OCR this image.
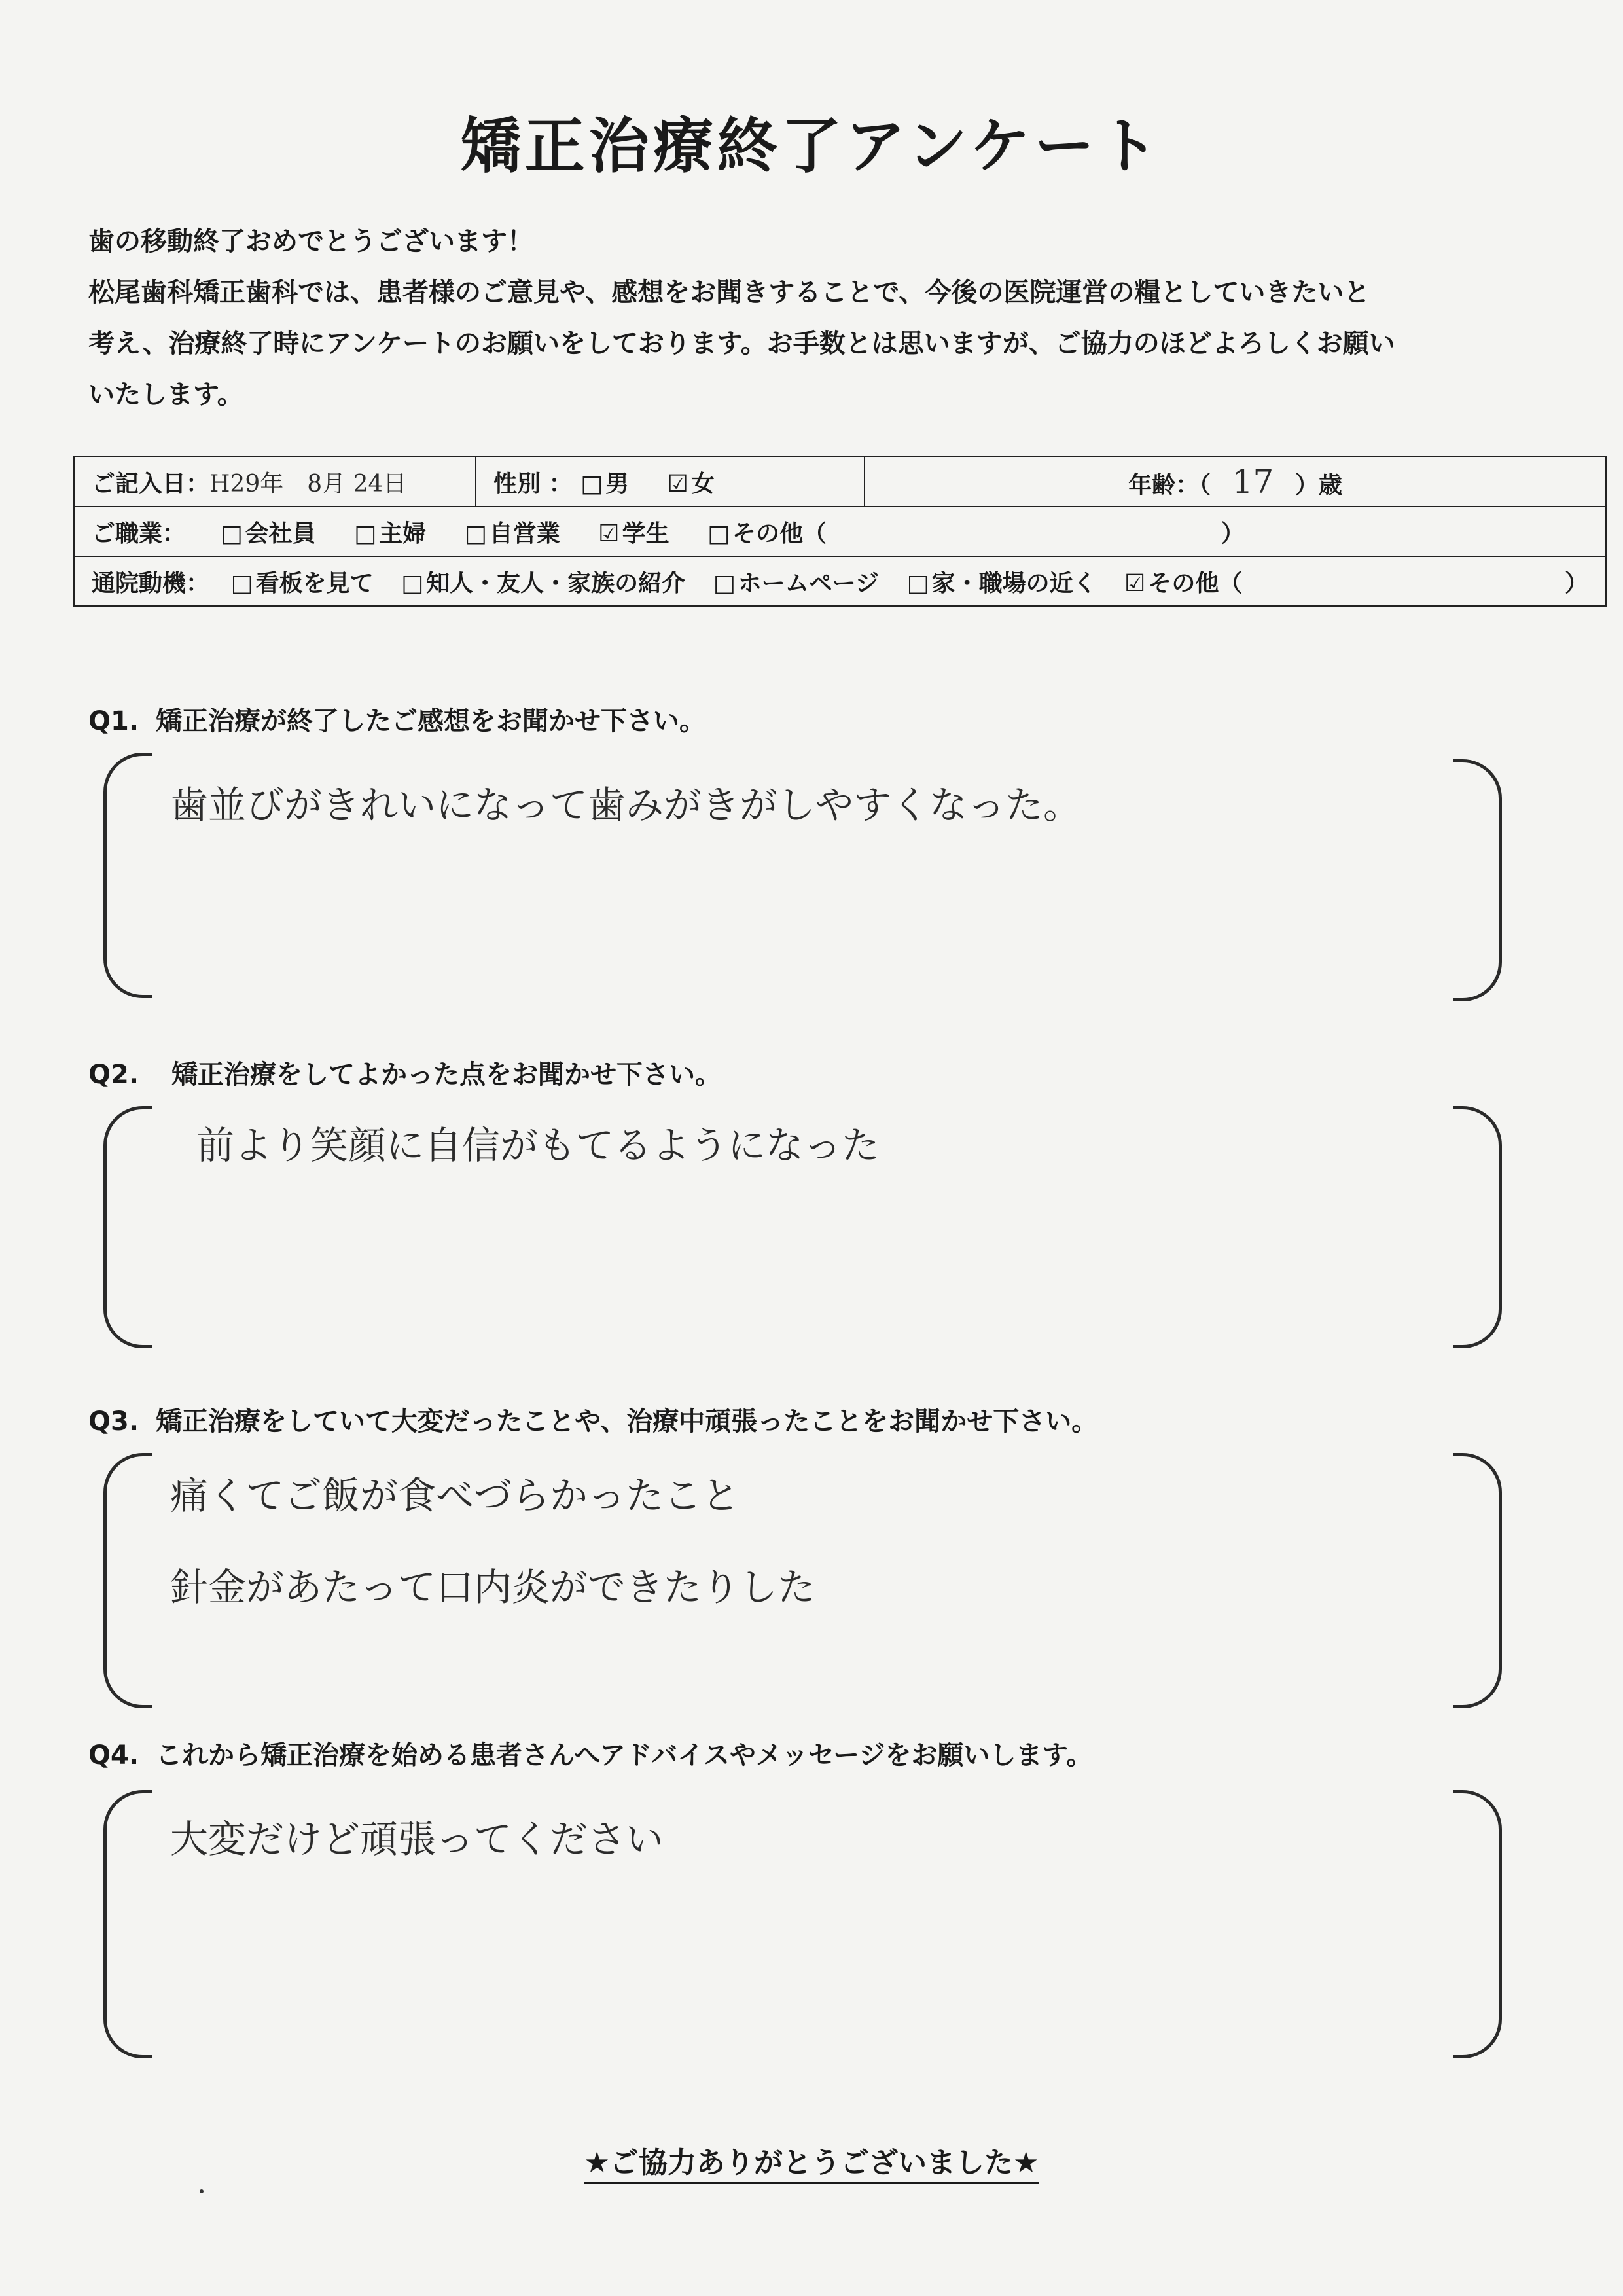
矯正治療終了アンケート

歯の移動終了おめでとうございます！

松尾歯科矯正歯科では、患者様のご意見や、感想をお聞きすることで、今後の医院運営の糧としていきたいと

考え、治療終了時にアンケートのお願いをしております。お手数とは思いますが、ご協力のほどよろしくお願い

いたします。

ご記入日：H29年　8月 24日	性別 ： □ 男 ☑ 女	年齢：（ 17 ）歳
ご職業： □ 会社員 □ 主婦 □ 自営業 ☑ 学生 □ その他（	）
通院動機： □ 看板を見て □ 知人・友人・家族の紹介 □ ホームページ □ 家・職場の近く ☑ その他（	）
Q1. 矯正治療が終了したご感想をお聞かせ下さい。

歯並びがきれいになって歯みがきがしやすくなった。

Q2. 矯正治療をしてよかった点をお聞かせ下さい。

前より笑顔に自信がもてるようになった

Q3. 矯正治療をしていて大変だったことや、治療中頑張ったことをお聞かせ下さい。

痛くてご飯が食べづらかったこと

針金があたって口内炎ができたりした

Q4. これから矯正治療を始める患者さんへアドバイスやメッセージをお願いします。

大変だけど頑張ってください

★ご協力ありがとうございました★
